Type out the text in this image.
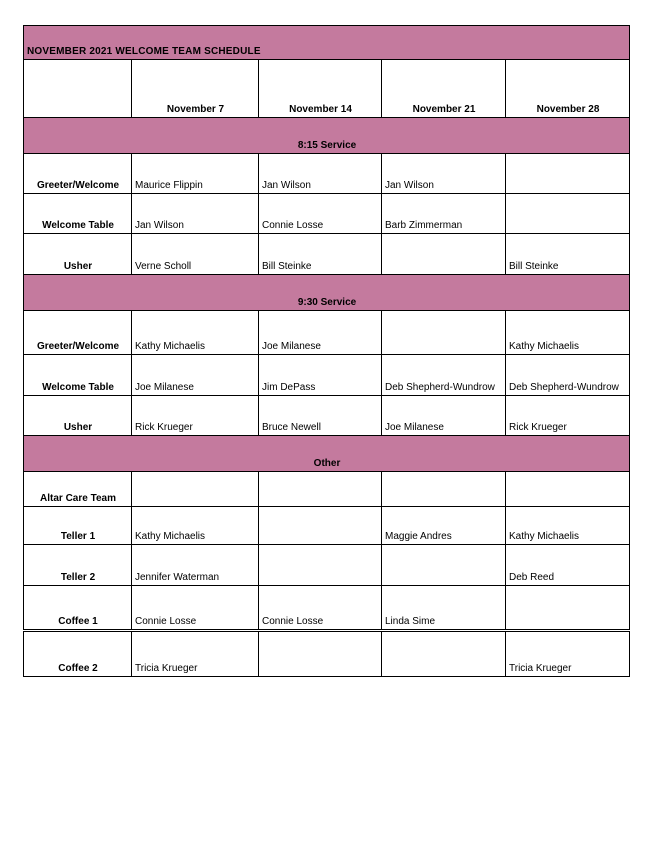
NOVEMBER 2021 WELCOME TEAM SCHEDULE				
	November 7	November 14	November 21	November 28
8:15 Service				
Greeter/Welcome	Maurice Flippin	Jan Wilson	Jan Wilson	
Welcome Table	Jan Wilson	Connie Losse	Barb Zimmerman	
Usher	Verne Scholl	Bill Steinke		Bill Steinke
9:30 Service				
Greeter/Welcome	Kathy Michaelis	Joe Milanese		Kathy Michaelis
Welcome Table	Joe Milanese	Jim DePass	Deb Shepherd-Wundrow	Deb Shepherd-Wundrow
Usher	Rick Krueger	Bruce Newell	Joe Milanese	Rick Krueger
Other				
Altar Care Team				
Teller 1	Kathy Michaelis		Maggie Andres	Kathy Michaelis
Teller 2	Jennifer Waterman			Deb Reed
Coffee 1	Connie Losse	Connie Losse	Linda Sime	
Coffee 2	Tricia Krueger			Tricia Krueger
